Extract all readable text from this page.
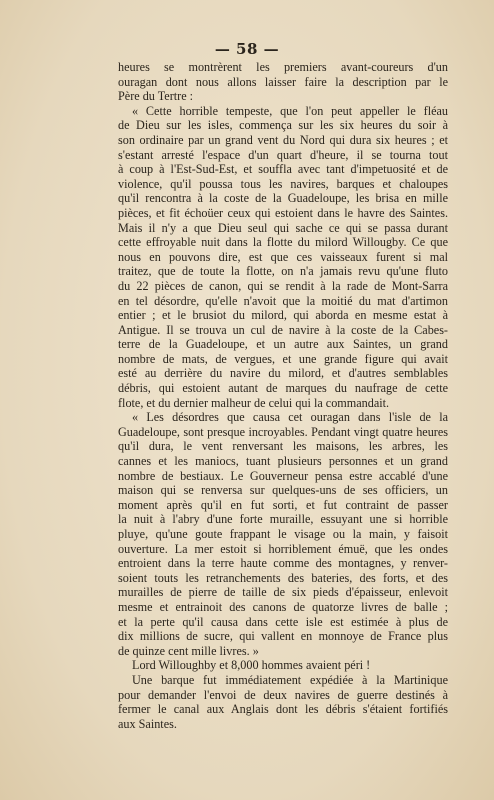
— 58 —
heures se montrèrent les premiers avant-coureurs d'un
ouragan dont nous allons laisser faire la description par le
Père du Tertre :
« Cette horrible tempeste, que l'on peut appeller le fléau
de Dieu sur les isles, commença sur les six heures du soir à
son ordinaire par un grand vent du Nord qui dura six heures ; et
s'estant arresté l'espace d'un quart d'heure, il se tourna tout
à coup à l'Est-Sud-Est, et souffla avec tant d'impetuosité et de
violence, qu'il poussa tous les navires, barques et chaloupes
qu'il rencontra à la coste de la Guadeloupe, les brisa en mille
pièces, et fit échoüer ceux qui estoient dans le havre des Saintes.
Mais il n'y a que Dieu seul qui sache ce qui se passa durant
cette effroyable nuit dans la flotte du milord Willougby. Ce que
nous en pouvons dire, est que ces vaisseaux furent si mal
traitez, que de toute la flotte, on n'a jamais revu qu'une fluto
du 22 pièces de canon, qui se rendit à la rade de Mont-Sarra
en tel désordre, qu'elle n'avoit que la moitié du mat d'artimon
entier ; et le brusiot du milord, qui aborda en mesme estat à
Antigue. Il se trouva un cul de navire à la coste de la Cabes-
terre de la Guadeloupe, et un autre aux Saintes, un grand
nombre de mats, de vergues, et une grande figure qui avait
esté au derrière du navire du milord, et d'autres semblables
débris, qui estoient autant de marques du naufrage de cette
flote, et du dernier malheur de celui qui la commandait.
« Les désordres que causa cet ouragan dans l'isle de la
Guadeloupe, sont presque incroyables. Pendant vingt quatre heures
qu'il dura, le vent renversant les maisons, les arbres, les
cannes et les maniocs, tuant plusieurs personnes et un grand
nombre de bestiaux. Le Gouverneur pensa estre accablé d'une
maison qui se renversa sur quelques-uns de ses officiers, un
moment après qu'il en fut sorti, et fut contraint de passer
la nuit à l'abry d'une forte muraille, essuyant une si horrible
pluye, qu'une goute frappant le visage ou la main, y faisoit
ouverture. La mer estoit si horriblement émuë, que les ondes
entroient dans la terre haute comme des montagnes, y renver-
soient touts les retranchements des bateries, des forts, et des
murailles de pierre de taille de six pieds d'épaisseur, enlevoit
mesme et entrainoit des canons de quatorze livres de balle ;
et la perte qu'il causa dans cette isle est estimée à plus de
dix millions de sucre, qui vallent en monnoye de France plus
de quinze cent mille livres. »
Lord Willoughby et 8,000 hommes avaient péri !
Une barque fut immédiatement expédiée à la Martinique
pour demander l'envoi de deux navires de guerre destinés à
fermer le canal aux Anglais dont les débris s'étaient fortifiés
aux Saintes.
